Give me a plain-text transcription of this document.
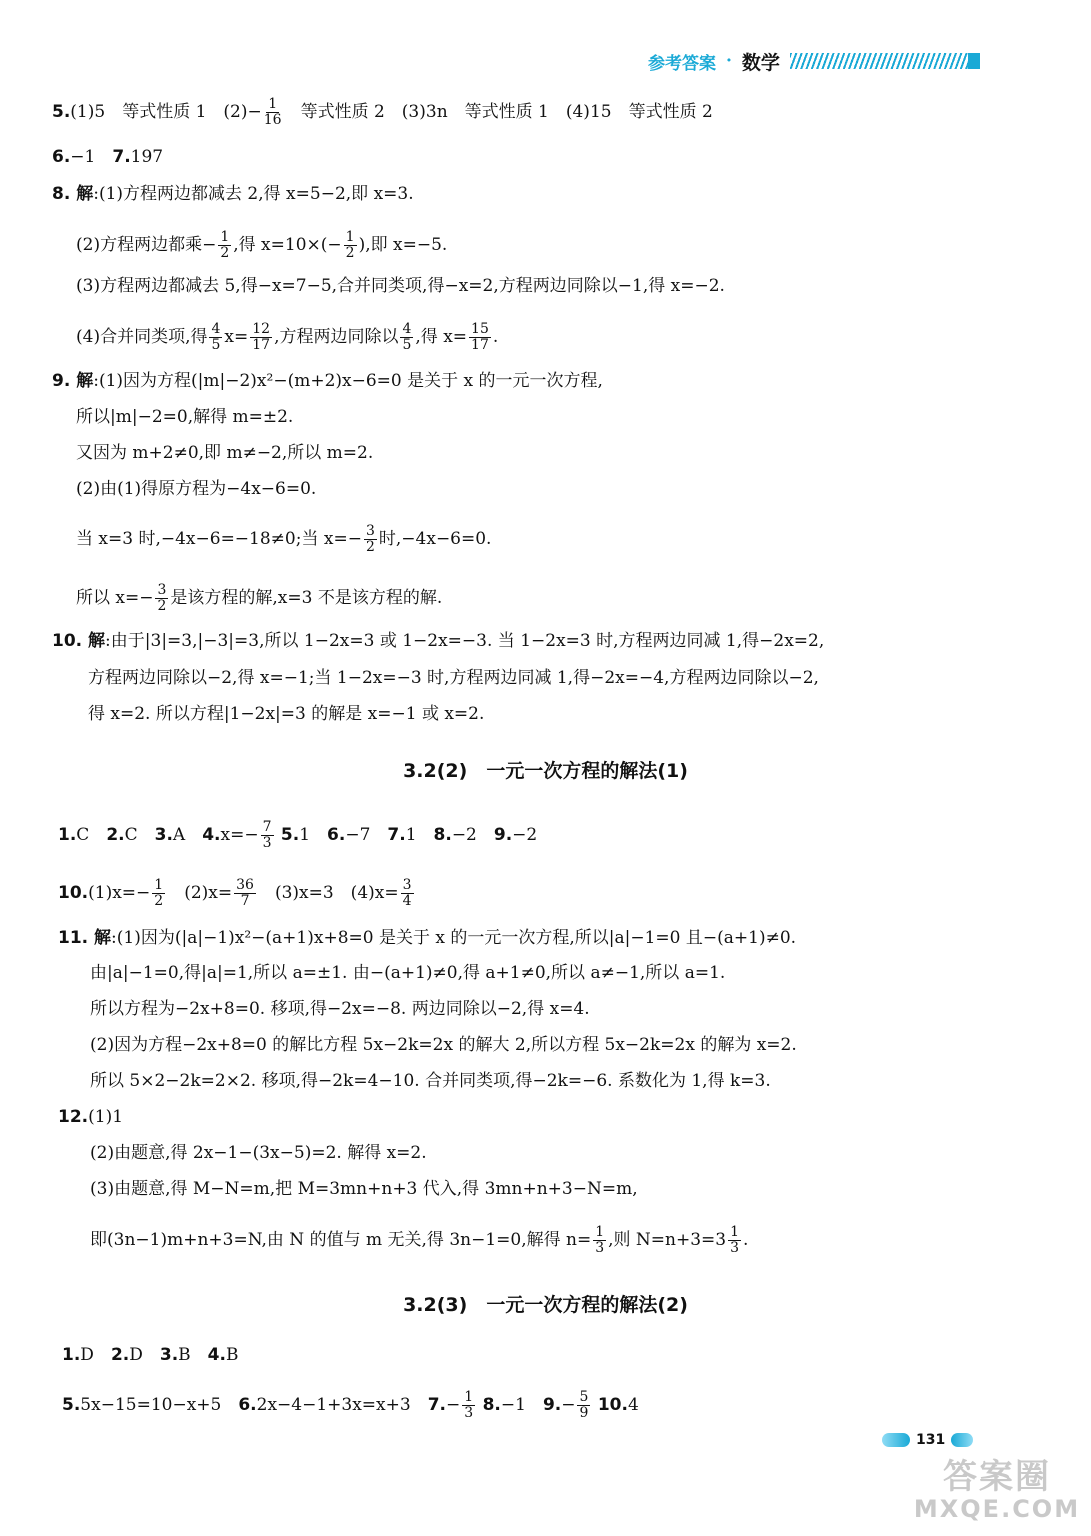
参考答案 · 数学
5.(1)5　等式性质 1　$(2)- \frac{1}{16}$ 　等式性质 2　(3)3n　等式性质 1　(4)15　等式性质 2
6.−1　7.197
8. 解:(1)方程两边都减去 2,得 x=5−2,即 x=3.
(2)方程两边都乘− $\frac{1}{2}$ ,得 $x=10\times(- \frac{1}{2}$ ),即 x=−5.
(3)方程两边都减去 5,得−x=7−5,合并同类项,得−x=2,方程两边同除以−1,得 x=−2.
(4)合并同类项,得 $\frac{4}{5} x= \frac{12}{17}$ ,方程两边同除以 $\frac{4}{5}$ ,得 $x= \frac{15}{17}$ .
9. 解:(1)因为方程(|m|−2)x²−(m+2)x−6=0 是关于 x 的一元一次方程,
所以|m|−2=0,解得 m=±2.
又因为 m+2≠0,即 m≠−2,所以 m=2.
(2)由(1)得原方程为−4x−6=0.
当 x=3 时,−4x−6=−18≠0;当 $x=- \frac{3}{2}$ 时,−4x−6=0.
所以 $x=- \frac{3}{2}$ 是该方程的解,x=3 不是该方程的解.
10. 解:由于|3|=3,|−3|=3,所以 1−2x=3 或 1−2x=−3. 当 1−2x=3 时,方程两边同减 1,得−2x=2,
方程两边同除以−2,得 x=−1;当 1−2x=−3 时,方程两边同减 1,得−2x=−4,方程两边同除以−2,
得 x=2. 所以方程|1−2x|=3 的解是 x=−1 或 x=2.
3.2(2)　一元一次方程的解法(1)
1.C　2.C　3.A　$4.x=- \frac{7}{3} 5.1$　6.−7　7.1　8.−2　9.−2
$10.(1)x=- \frac{1}{2}$ 　$(2)x= \frac{36}{7}$ 　(3)x=3　$(4)x= \frac{3}{4}$
11. 解:(1)因为(|a|−1)x²−(a+1)x+8=0 是关于 x 的一元一次方程,所以|a|−1=0 且−(a+1)≠0.
由|a|−1=0,得|a|=1,所以 a=±1. 由−(a+1)≠0,得 a+1≠0,所以 a≠−1,所以 a=1.
所以方程为−2x+8=0. 移项,得−2x=−8. 两边同除以−2,得 x=4.
(2)因为方程−2x+8=0 的解比方程 5x−2k=2x 的解大 2,所以方程 5x−2k=2x 的解为 x=2.
所以 5×2−2k=2×2. 移项,得−2k=4−10. 合并同类项,得−2k=−6. 系数化为 1,得 k=3.
12.(1)1
(2)由题意,得 2x−1−(3x−5)=2. 解得 x=2.
(3)由题意,得 M−N=m,把 M=3mn+n+3 代入,得 3mn+n+3−N=m,
即(3n−1)m+n+3=N,由 N 的值与 m 无关,得 3n−1=0,解得 $n= \frac{1}{3}$ ,则 $N=n+3=3 \frac{1}{3}$ .
3.2(3)　一元一次方程的解法(2)
1.D　2.D　3.B　4.B
5.5x−15=10−x+5　6.2x−4−1+3x=x+3　$7.- \frac{1}{3} 8.-1$　$9.- \frac{5}{9} 10.4$
131
答案圈
MXQE.COM
